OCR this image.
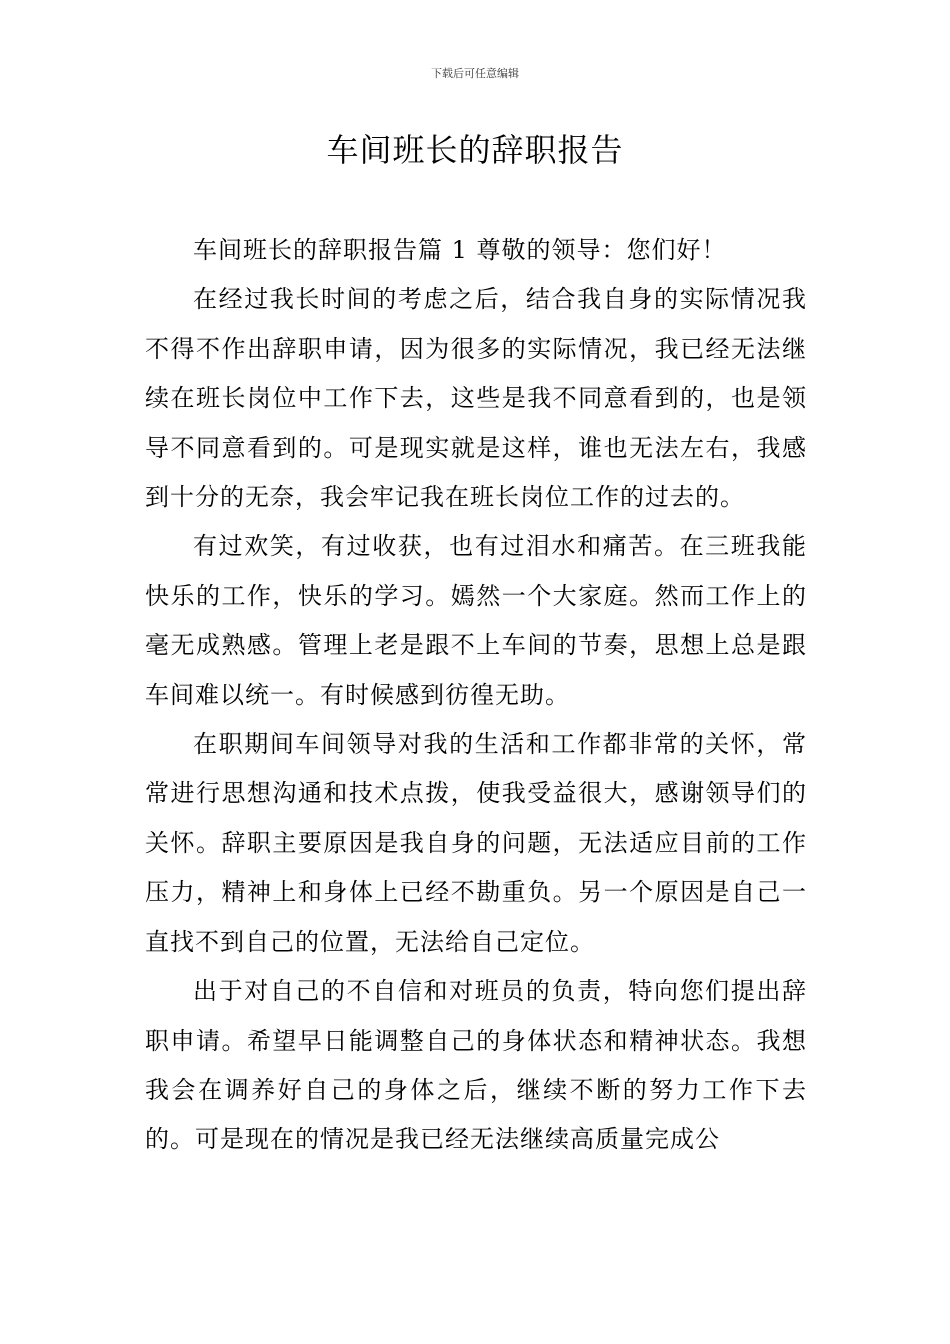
下载后可任意编辑
车间班长的辞职报告

车间班长的辞职报告篇 1 尊敬的领导：您们好！

在经过我长时间的考虑之后，结合我自身的实际情况我不得不作出辞职申请，因为很多的实际情况，我已经无法继续在班长岗位中工作下去，这些是我不同意看到的，也是领导不同意看到的。可是现实就是这样，谁也无法左右，我感到十分的无奈，我会牢记我在班长岗位工作的过去的。

有过欢笑，有过收获，也有过泪水和痛苦。在三班我能快乐的工作，快乐的学习。嫣然一个大家庭。然而工作上的毫无成熟感。管理上老是跟不上车间的节奏，思想上总是跟车间难以统一。有时候感到彷徨无助。

在职期间车间领导对我的生活和工作都非常的关怀，常常进行思想沟通和技术点拨，使我受益很大，感谢领导们的关怀。辞职主要原因是我自身的问题，无法适应目前的工作压力，精神上和身体上已经不勘重负。另一个原因是自己一直找不到自己的位置，无法给自己定位。

出于对自己的不自信和对班员的负责，特向您们提出辞职申请。希望早日能调整自己的身体状态和精神状态。我想我会在调养好自己的身体之后，继续不断的努力工作下去的。可是现在的情况是我已经无法继续高质量完成公
